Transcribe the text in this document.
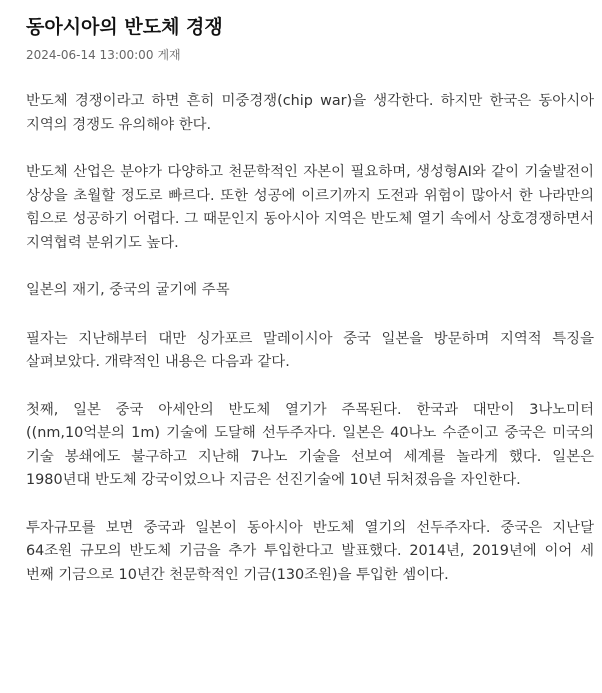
동아시아의 반도체 경쟁
2024-06-14 13:00:00 게재

반도체 경쟁이라고 하면 흔히 미중경쟁(chip war)을 생각한다. 하지만 한국은 동아시아 지역의 경쟁도 유의해야 한다.

반도체 산업은 분야가 다양하고 천문학적인 자본이 필요하며, 생성형AI와 같이 기술발전이 상상을 초월할 정도로 빠르다. 또한 성공에 이르기까지 도전과 위험이 많아서 한 나라만의 힘으로 성공하기 어렵다. 그 때문인지 동아시아 지역은 반도체 열기 속에서 상호경쟁하면서 지역협력 분위기도 높다.

일본의 재기, 중국의 굴기에 주목

필자는 지난해부터 대만 싱가포르 말레이시아 중국 일본을 방문하며 지역적 특징을 살펴보았다. 개략적인 내용은 다음과 같다.

첫째, 일본 중국 아세안의 반도체 열기가 주목된다. 한국과 대만이 3나노미터((nm,10억분의 1m) 기술에 도달해 선두주자다. 일본은 40나노 수준이고 중국은 미국의 기술 봉쇄에도 불구하고 지난해 7나노 기술을 선보여 세계를 놀라게 했다. 일본은 1980년대 반도체 강국이었으나 지금은 선진기술에 10년 뒤처졌음을 자인한다.

투자규모를 보면 중국과 일본이 동아시아 반도체 열기의 선두주자다. 중국은 지난달 64조원 규모의 반도체 기금을 추가 투입한다고 발표했다. 2014년, 2019년에 이어 세 번째 기금으로 10년간 천문학적인 기금(130조원)을 투입한 셈이다.
